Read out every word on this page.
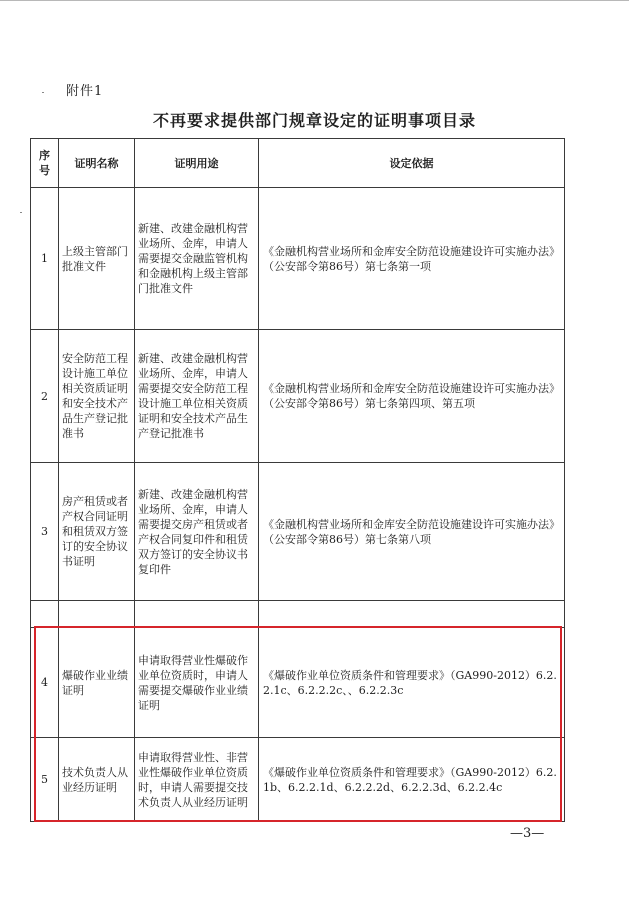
附件1
不再要求提供部门规章设定的证明事项目录
序号	证明名称	证明用途	设定依据
1	上级主管部门批准文件	新建、改建金融机构营业场所、金库，申请人需要提交金融监管机构和金融机构上级主管部门批准文件	《金融机构营业场所和金库安全防范设施建设许可实施办法》（公安部令第86号）第七条第一项
2	安全防范工程设计施工单位相关资质证明和安全技术产品生产登记批准书	新建、改建金融机构营业场所、金库，申请人需要提交安全防范工程设计施工单位相关资质证明和安全技术产品生产登记批准书	《金融机构营业场所和金库安全防范设施建设许可实施办法》（公安部令第86号）第七条第四项、第五项
3	房产租赁或者产权合同证明和租赁双方签订的安全协议书证明	新建、改建金融机构营业场所、金库，申请人需要提交房产租赁或者产权合同复印件和租赁双方签订的安全协议书复印件	《金融机构营业场所和金库安全防范设施建设许可实施办法》（公安部令第86号）第七条第八项

4	爆破作业业绩证明	申请取得营业性爆破作业单位资质时，申请人需要提交爆破作业业绩证明	《爆破作业单位资质条件和管理要求》（GA990-2012）6.2.2.1c、6.2.2.2c、、6.2.2.3c
5	技术负责人从业经历证明	申请取得营业性、非营业性爆破作业单位资质时，申请人需要提交技术负责人从业经历证明	《爆破作业单位资质条件和管理要求》（GA990-2012）6.2.1b、6.2.2.1d、6.2.2.2d、6.2.2.3d、6.2.2.4c
—3—
